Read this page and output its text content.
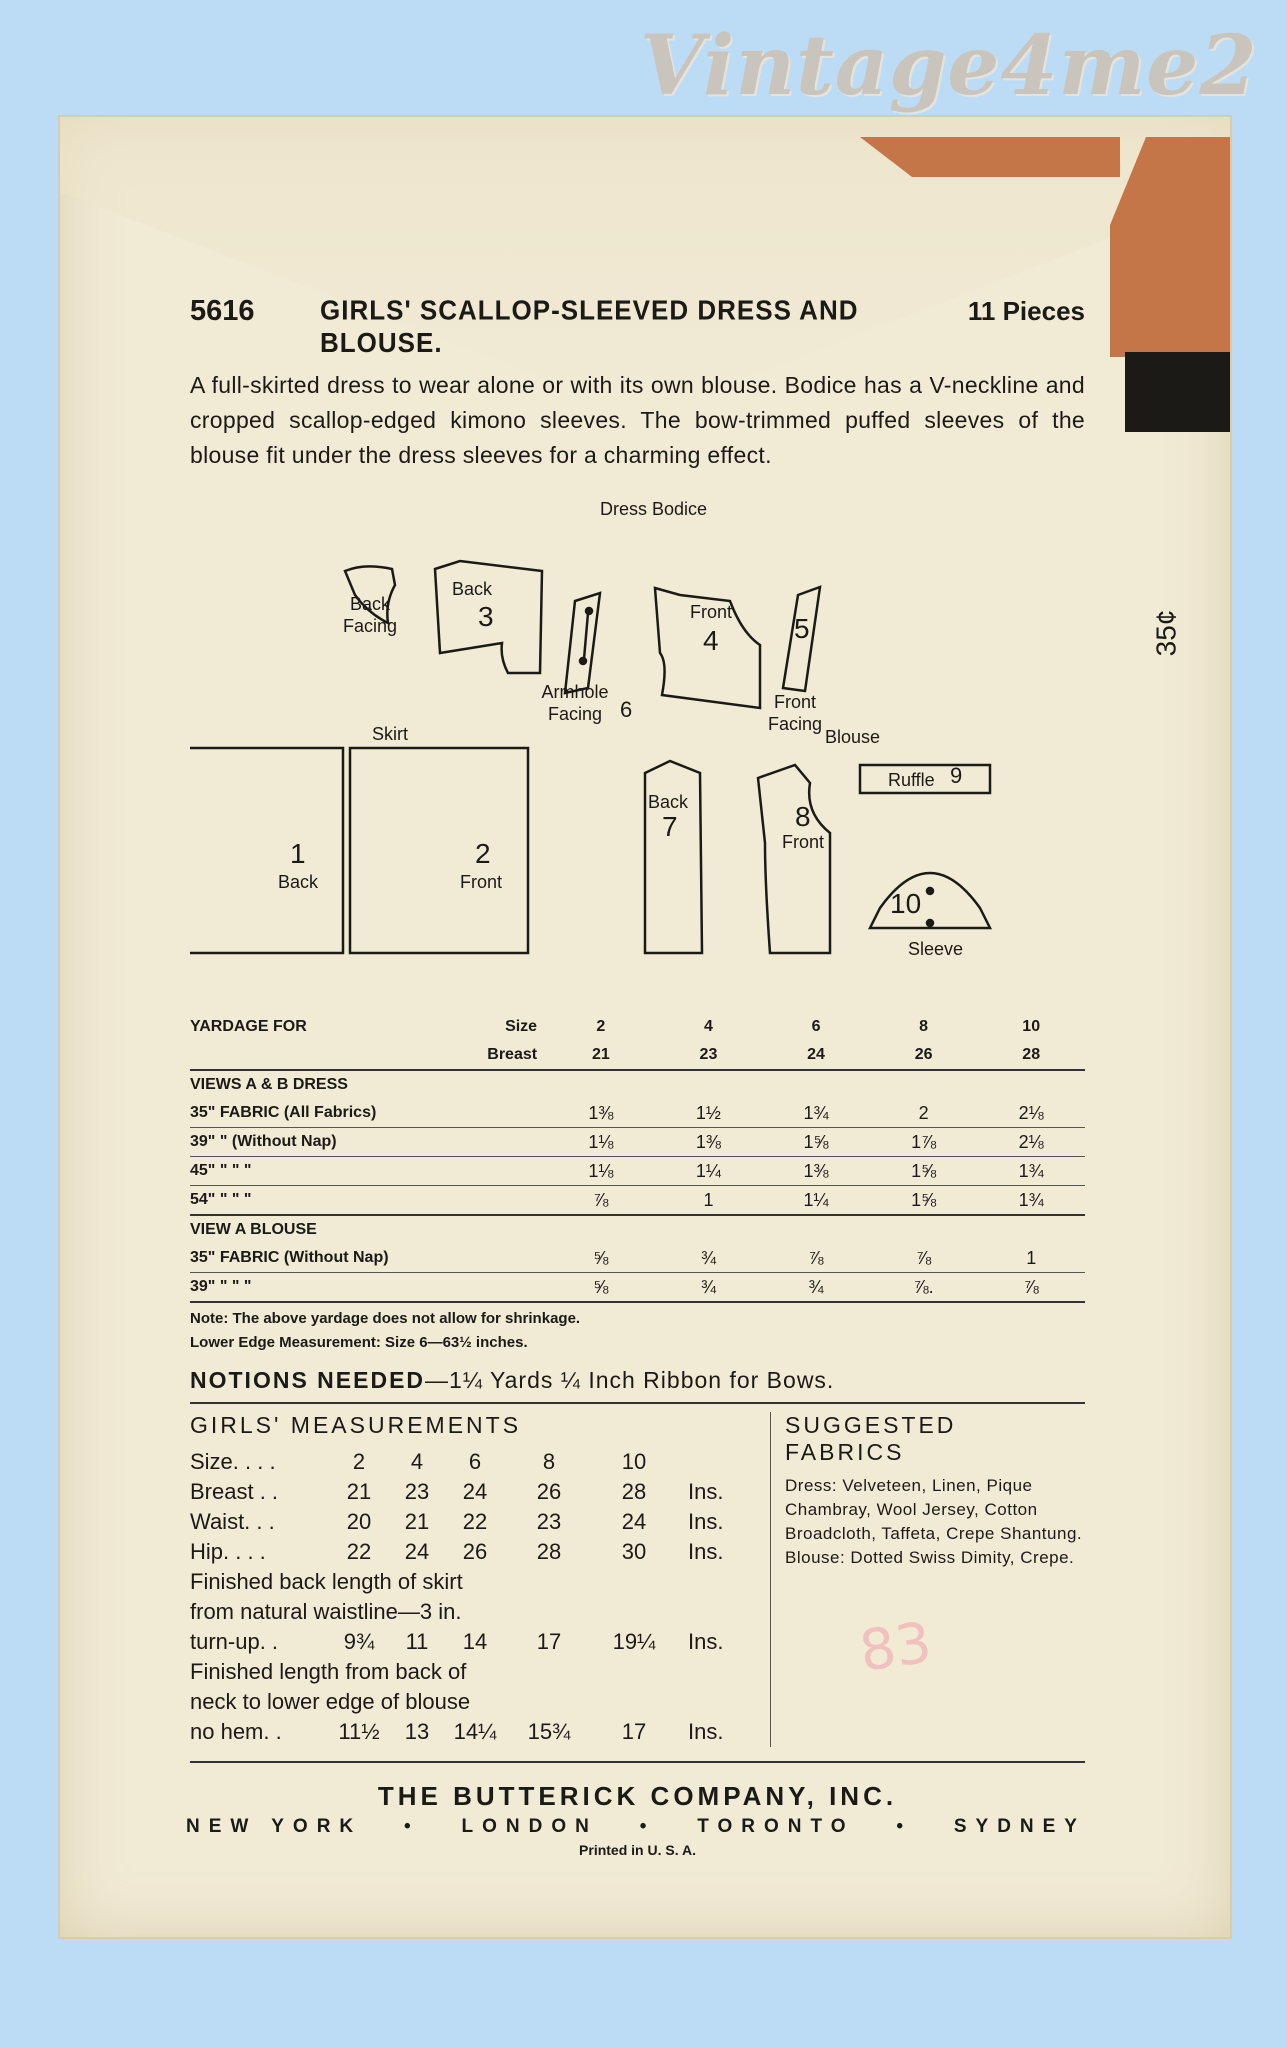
Vintage4me2
35¢
5616	GIRLS' SCALLOP-SLEEVED DRESS AND BLOUSE.
11 Pieces
A full-skirted dress to wear alone or with its own blouse. Bodice has a V-neckline and cropped scallop-edged kimono sleeves. The bow-trimmed puffed sleeves of the blouse fit under the dress sleeves for a charming effect.
Dress Bodice
Back Facing
Back
3
Armhole Facing 6
Front
4	5
Front Facing
Skirt
1
Back
2
Front
Blouse
Back
7	8
Front
Ruffle 9
10
Sleeve
YARDAGE FOR	Size	2	4	6	8	10
	Breast	21	23	24	26	28
VIEWS A & B DRESS						
35" FABRIC (All Fabrics)		1⅜	1½	1¾	2	2⅛
39" " (Without Nap)		1⅛	1⅜	1⅝	1⅞	2⅛
45" " " "		1⅛	1¼	1⅜	1⅝	1¾
54" " " "		⅞	1	1¼	1⅝	1¾
VIEW A BLOUSE						
35" FABRIC (Without Nap)		⅝	¾	⅞	⅞	1
39" " " "		⅝	¾	¾	⅞.	⅞
Note: The above yardage does not allow for shrinkage.
Lower Edge Measurement: Size 6—63½ inches.
NOTIONS NEEDED—1¼ Yards ¼ Inch Ribbon for Bows.
GIRLS' MEASUREMENTS
Size. . . .	2	4	6	8	10	
Breast . .	21	23	24	26	28	Ins.
Waist. . .	20	21	22	23	24	Ins.
Hip. . . .	22	24	26	28	30	Ins.
Finished back length of skirt						
from natural waistline—3 in.						
turn-up. .	9¾	11	14	17	19¼	Ins.
Finished length from back of						
neck to lower edge of blouse						
no hem. .	11½	13	14¼	15¾	17	Ins.
SUGGESTED FABRICS
Dress: Velveteen, Linen, Pique Chambray, Wool Jersey, Cotton Broadcloth, Taffeta, Crepe Shantung. Blouse: Dotted Swiss Dimity, Crepe.
THE BUTTERICK COMPANY, INC.
NEW YORK • LONDON • TORONTO • SYDNEY
Printed in U. S. A.
83
